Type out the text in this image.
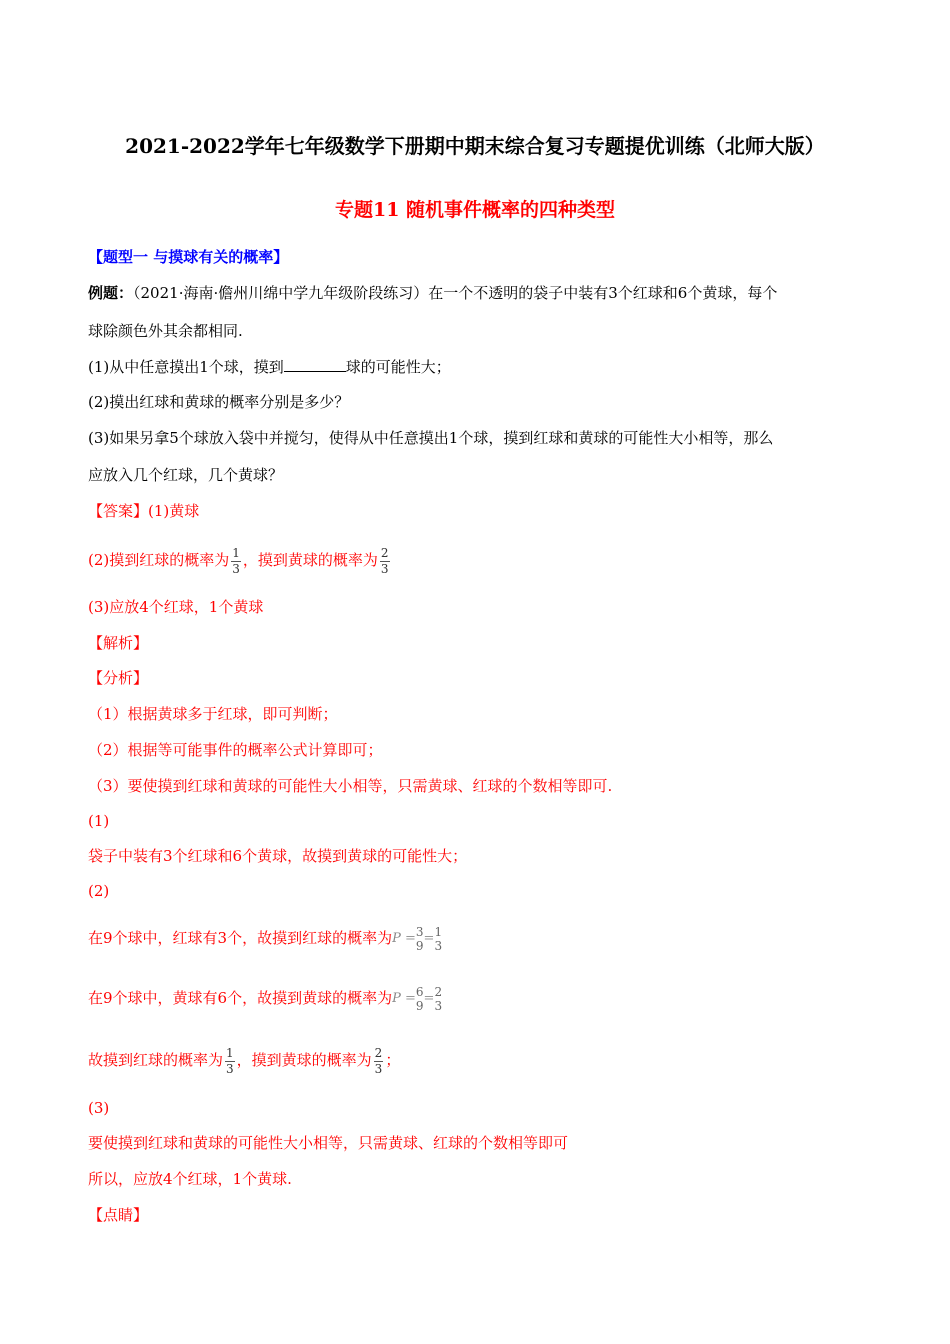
2021-2022学年七年级数学下册期中期末综合复习专题提优训练（北师大版）
专题11 随机事件概率的四种类型
【题型一 与摸球有关的概率】
例题：（2021·海南·儋州川绵中学九年级阶段练习）在一个不透明的袋子中装有3个红球和6个黄球，每个
球除颜色外其余都相同.
(1)从中任意摸出1个球，摸到	球的可能性大；
(2)摸出红球和黄球的概率分别是多少？
(3)如果另拿5个球放入袋中并搅匀，使得从中任意摸出1个球，摸到红球和黄球的可能性大小相等，那么
应放入几个红球，几个黄球？
【答案】(1)黄球
(2)摸到红球的概率为 $\frac{1}{3}$ ，摸到黄球的概率为 $\frac{2}{3}$
(3)应放4个红球，1个黄球
【解析】
【分析】
（1）根据黄球多于红球，即可判断；
（2）根据等可能事件的概率公式计算即可；
（3）要使摸到红球和黄球的可能性大小相等，只需黄球、红球的个数相等即可.
(1)
袋子中装有3个红球和6个黄球，故摸到黄球的可能性大；
(2)
在9个球中，红球有3个，故摸到红球的概率为P =3
9=1
3
在9个球中，黄球有6个，故摸到黄球的概率为P =6
9=2
3
故摸到红球的概率为 $\frac{1}{3}$ ，摸到黄球的概率为 $\frac{2}{3}$ ；
(3)
要使摸到红球和黄球的可能性大小相等，只需黄球、红球的个数相等即可
所以，应放4个红球，1个黄球.
【点睛】
